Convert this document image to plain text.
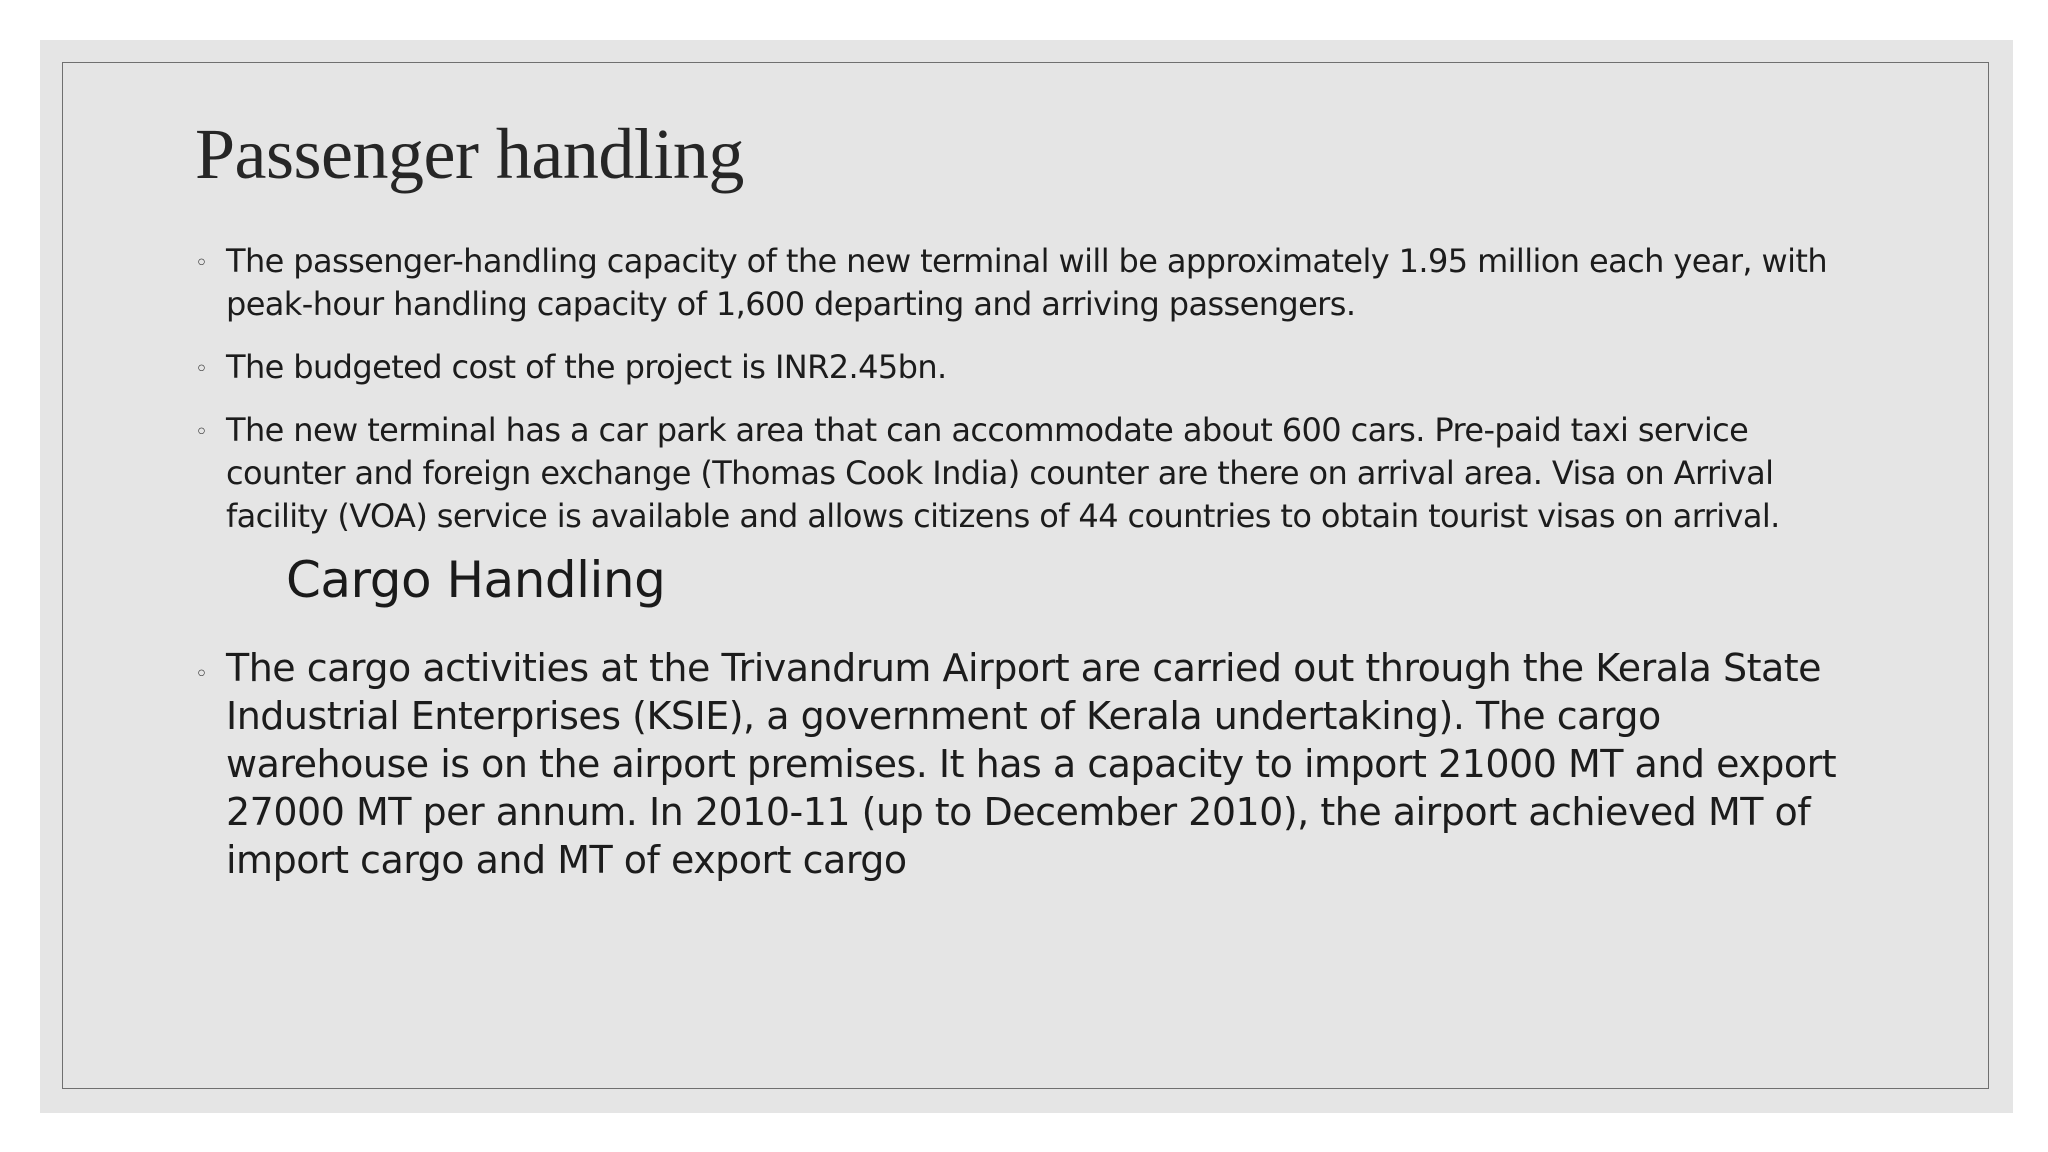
Passenger handling
◦ The passenger-handling capacity of the new terminal will be approximately 1.95 million each year, with peak-hour handling capacity of 1,600 departing and arriving passengers.
◦ The budgeted cost of the project is INR2.45bn.
◦ The new terminal has a car park area that can accommodate about 600 cars. Pre-paid taxi service counter and foreign exchange (Thomas Cook India) counter are there on arrival area. Visa on Arrival facility (VOA) service is available and allows citizens of 44 countries to obtain tourist visas on arrival.
◦ The cargo activities at the Trivandrum Airport are carried out through the Kerala State Industrial Enterprises (KSIE), a government of Kerala undertaking). The cargo warehouse is on the airport premises. It has a capacity to import 21000 MT and export 27000 MT per annum. In 2010-11 (up to December 2010), the airport achieved MT of import cargo and MT of export cargo
Cargo Handling
